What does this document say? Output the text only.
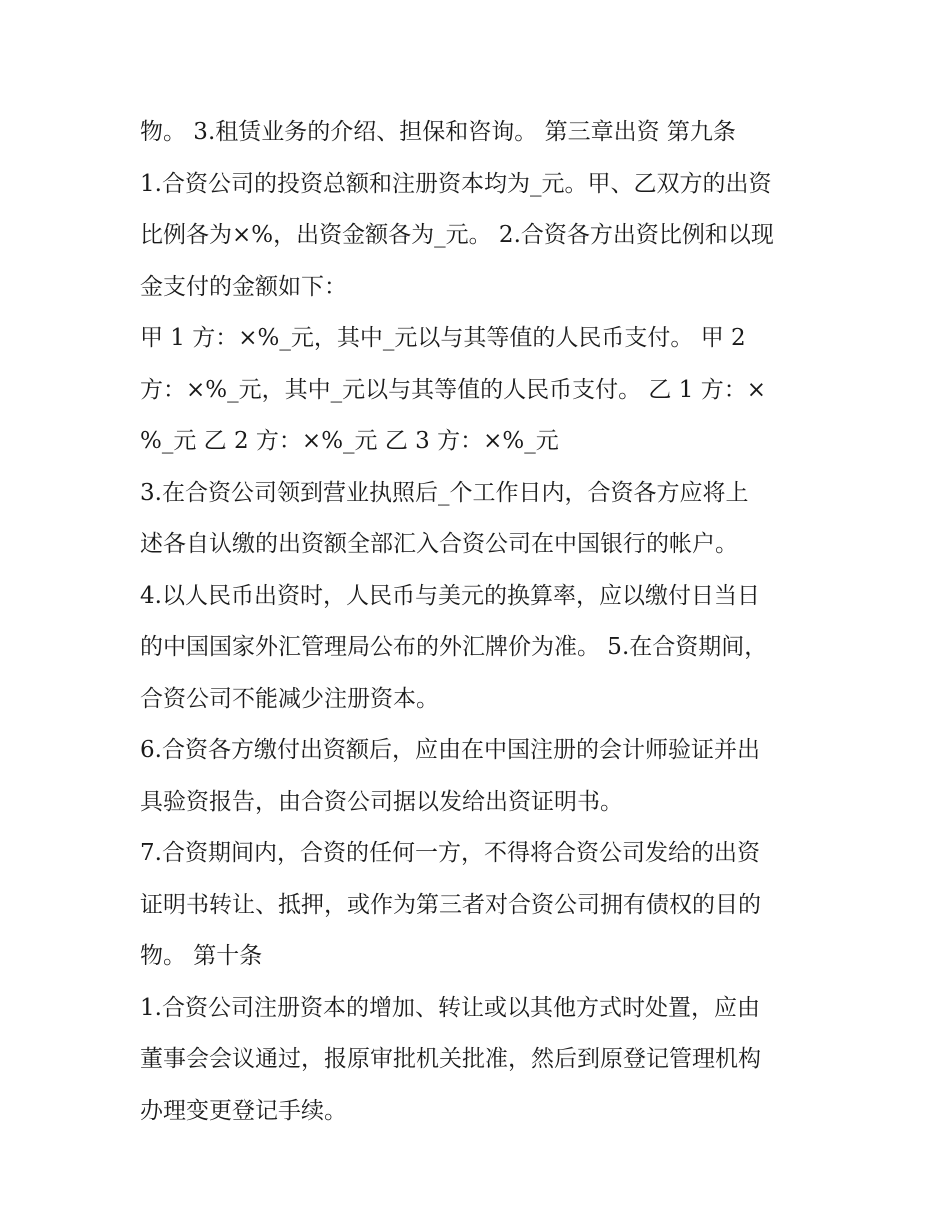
物。 3.租赁业务的介绍、担保和咨询。 第三章出资 第九条
1.合资公司的投资总额和注册资本均为_元。甲、乙双方的出资
比例各为×%，出资金额各为_元。 2.合资各方出资比例和以现
金支付的金额如下：
甲 1 方：×%_元，其中_元以与其等值的人民币支付。 甲 2
方：×%_元，其中_元以与其等值的人民币支付。 乙 1 方：×
%_元 乙 2 方：×%_元 乙 3 方：×%_元
3.在合资公司领到营业执照后_个工作日内，合资各方应将上
述各自认缴的出资额全部汇入合资公司在中国银行的帐户。
4.以人民币出资时，人民币与美元的换算率，应以缴付日当日
的中国国家外汇管理局公布的外汇牌价为准。 5.在合资期间，
合资公司不能减少注册资本。
6.合资各方缴付出资额后，应由在中国注册的会计师验证并出
具验资报告，由合资公司据以发给出资证明书。
7.合资期间内，合资的任何一方，不得将合资公司发给的出资
证明书转让、抵押，或作为第三者对合资公司拥有债权的目的
物。 第十条
1.合资公司注册资本的增加、转让或以其他方式时处置，应由
董事会会议通过，报原审批机关批准，然后到原登记管理机构
办理变更登记手续。
